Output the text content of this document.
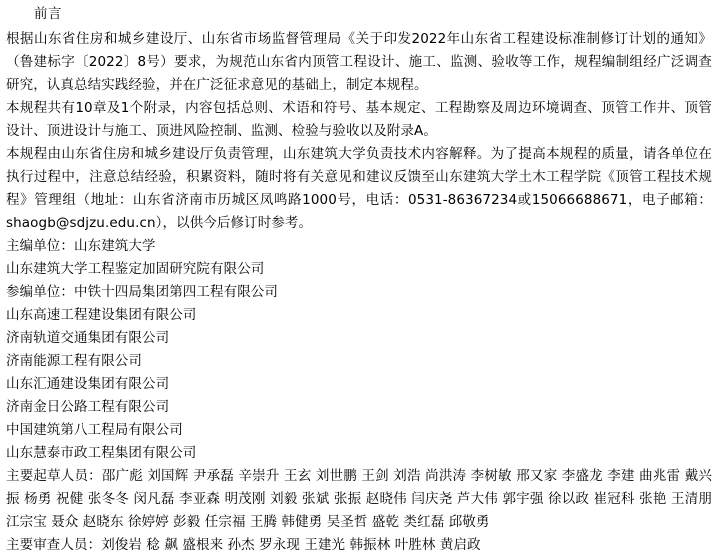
前言
根据山东省住房和城乡建设厅、山东省市场监督管理局《关于印发2022年山东省工程建设标准制修订计划的通知》（鲁建标字〔2022〕8号）要求，为规范山东省内顶管工程设计、施工、监测、验收等工作，规程编制组经广泛调查研究，认真总结实践经验，并在广泛征求意见的基础上，制定本规程。
本规程共有10章及1个附录，内容包括总则、术语和符号、基本规定、工程勘察及周边环境调查、顶管工作井、顶管设计、顶进设计与施工、顶进风险控制、监测、检验与验收以及附录A。
本规程由山东省住房和城乡建设厅负责管理，山东建筑大学负责技术内容解释。为了提高本规程的质量，请各单位在执行过程中，注意总结经验，积累资料，随时将有关意见和建议反馈至山东建筑大学土木工程学院《顶管工程技术规程》管理组（地址：山东省济南市历城区凤鸣路1000号，电话：0531-86367234或15066688671，电子邮箱：shaogb@sdjzu.edu.cn），以供今后修订时参考。
主编单位：山东建筑大学
山东建筑大学工程鉴定加固研究院有限公司
参编单位：中铁十四局集团第四工程有限公司
山东高速工程建设集团有限公司
济南轨道交通集团有限公司
济南能源工程有限公司
山东汇通建设集团有限公司
济南金日公路工程有限公司
中国建筑第八工程局有限公司
山东慧泰市政工程集团有限公司
主要起草人员：邵广彪 刘国辉 尹承磊 辛崇升 王玄 刘世鹏 王剑 刘浩 尚洪涛 李树敏 邢又家 李盛龙 李建 曲兆雷 戴兴振 杨勇 祝健 张冬冬 闵凡磊 李亚森 明茂刚 刘毅 张斌 张振 赵晓伟 闫庆尧 芦大伟 郭宇强 徐以政 崔冠科 张艳 王清朋 江宗宝 聂众 赵晓东 徐婷婷 彭毅 任宗福 王腾 韩健勇 吴圣哲 盛乾 类红磊 邱敬勇
主要审查人员：刘俊岩 稔 飙 盛根来 孙杰 罗永现 王建光 韩振林 叶胜林 黄启政
